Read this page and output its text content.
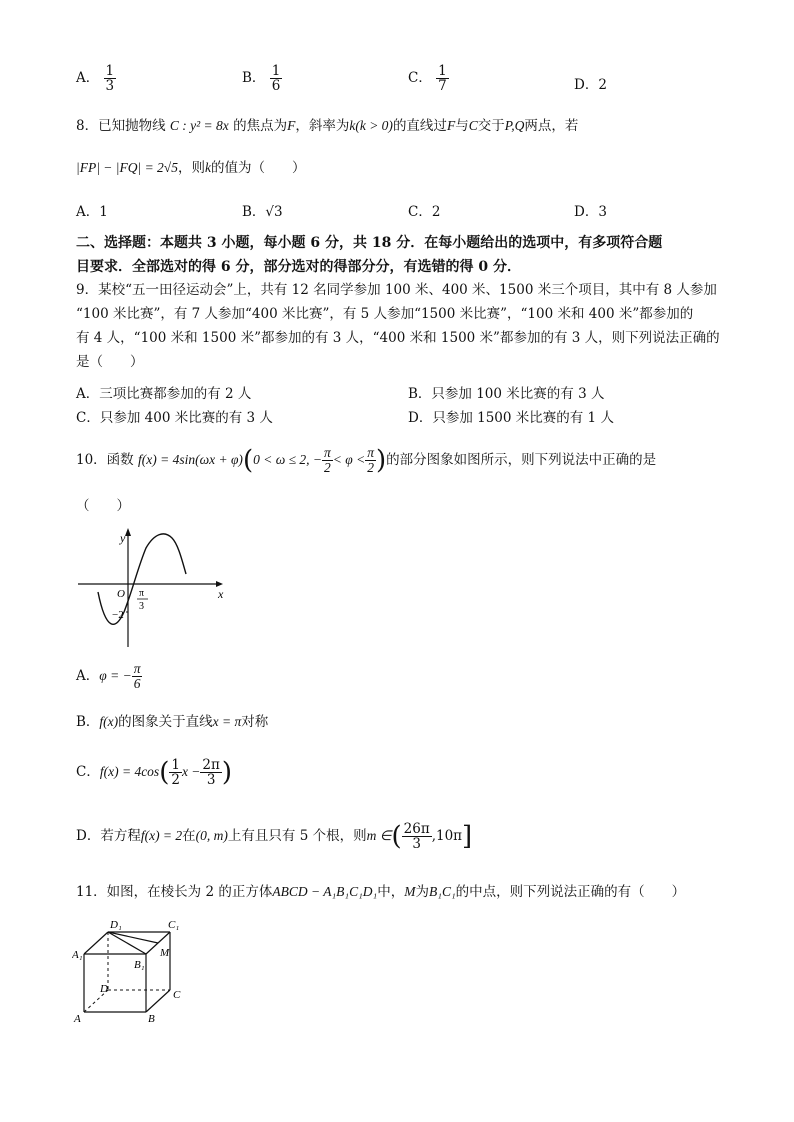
A． $\frac{1}{3}$	B． $\frac{1}{6}$	C． $\frac{1}{7}$	D．2
8．已知抛物线 C : y² = 8x 的焦点为F，斜率为k(k > 0)的直线过F与C交于P,Q两点，若
|FP| − |FQ| = 2√5，则k的值为（　　）
A．1	B．√3	C．2	D．3
二、选择题：本题共 3 小题，每小题 6 分，共 18 分．在每小题给出的选项中，有多项符合题
目要求．全部选对的得 6 分，部分选对的得部分分，有选错的得 0 分．
9．某校“五一田径运动会”上，共有 12 名同学参加 100 米、400 米、1500 米三个项目，其中有 8 人参加
“100 米比赛”，有 7 人参加“400 米比赛”，有 5 人参加“1500 米比赛”，“100 米和 400 米”都参加的
有 4 人，“100 米和 1500 米”都参加的有 3 人，“400 米和 1500 米”都参加的有 3 人，则下列说法正确的
是（　　）
A．三项比赛都参加的有 2 人	B．只参加 100 米比赛的有 3 人
C．只参加 400 米比赛的有 3 人	D．只参加 1500 米比赛的有 1 人
10．函数 f(x) = 4sin(ωx + φ)(0 < ω ≤ 2, − $\frac{\pi}{2} < \varphi < \frac{\pi}{2}$ )的部分图象如图所示，则下列说法中正确的是
（　　）
y
x
O
−2
π
3
A．φ = − $\frac{\pi}{6}$
B．f(x)的图象关于直线x = π对称
C．$f(x) = 4\cos( \frac{1}{2}$ $x - \frac{2\pi}{3}$ )
D．若方程f(x) = 2在(0, m)上有且只有 5 个根，则m ∈( $\frac{26\pi}{3} ,10\pi$]
11．如图，在棱长为 2 的正方体ABCD − A₁B₁C₁D₁中，M为B₁C₁的中点，则下列说法正确的有（　　）
D₁	C₁
A₁
B₁
M
D	C
A	B
